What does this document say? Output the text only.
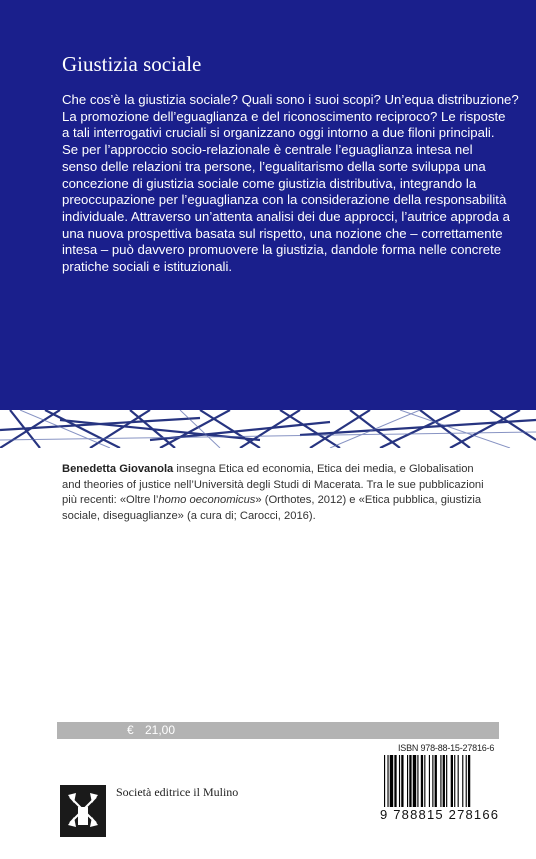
Giustizia sociale
Che cos’è la giustizia sociale? Quali sono i suoi scopi? Un’equa distribuzione?
La promozione dell’eguaglianza e del riconoscimento reciproco? Le risposte
a tali interrogativi cruciali si organizzano oggi intorno a due filoni principali.
Se per l’approccio socio-relazionale è centrale l’eguaglianza intesa nel
senso delle relazioni tra persone, l’egualitarismo della sorte sviluppa una
concezione di giustizia sociale come giustizia distributiva, integrando la
preoccupazione per l’eguaglianza con la considerazione della responsabilità
individuale. Attraverso un’attenta analisi dei due approcci, l’autrice approda a
una nuova prospettiva basata sul rispetto, una nozione che – correttamente
intesa – può davvero promuovere la giustizia, dandole forma nelle concrete
pratiche sociali e istituzionali.
Benedetta Giovanola insegna Etica ed economia, Etica dei media, e Globalisation
and theories of justice nell’Università degli Studi di Macerata. Tra le sue pubblicazioni
più recenti: «Oltre l’homo oeconomicus» (Orthotes, 2012) e «Etica pubblica, giustizia
sociale, diseguaglianze» (a cura di; Carocci, 2016).
€ 21,00
ISBN 978-88-15-27816-6
9 788815 278166

Società editrice il Mulino
